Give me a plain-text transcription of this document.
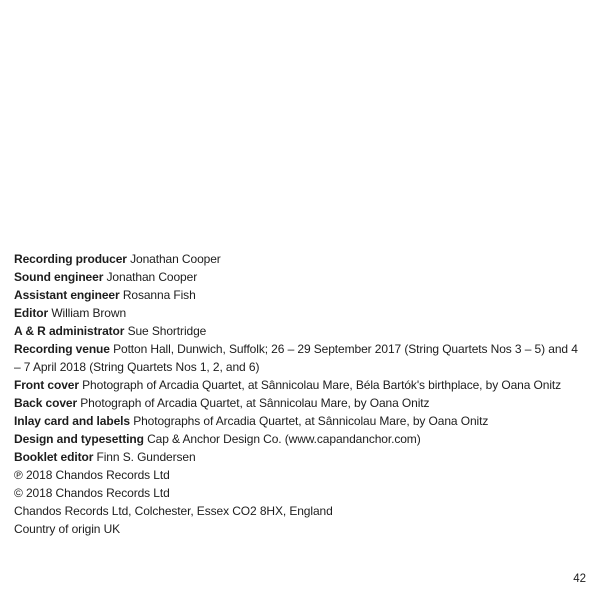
Recording producer Jonathan Cooper

Sound engineer Jonathan Cooper

Assistant engineer Rosanna Fish

Editor William Brown

A & R administrator Sue Shortridge

Recording venue Potton Hall, Dunwich, Suffolk; 26 – 29 September 2017 (String Quartets Nos 3 – 5) and 4 – 7 April 2018 (String Quartets Nos 1, 2, and 6)

Front cover Photograph of Arcadia Quartet, at Sânnicolau Mare, Béla Bartók's birthplace, by Oana Onitz

Back cover Photograph of Arcadia Quartet, at Sânnicolau Mare, by Oana Onitz

Inlay card and labels Photographs of Arcadia Quartet, at Sânnicolau Mare, by Oana Onitz

Design and typesetting Cap & Anchor Design Co. (www.capandanchor.com)

Booklet editor Finn S. Gundersen

℗ 2018 Chandos Records Ltd

© 2018 Chandos Records Ltd

Chandos Records Ltd, Colchester, Essex CO2 8HX, England

Country of origin UK

42
